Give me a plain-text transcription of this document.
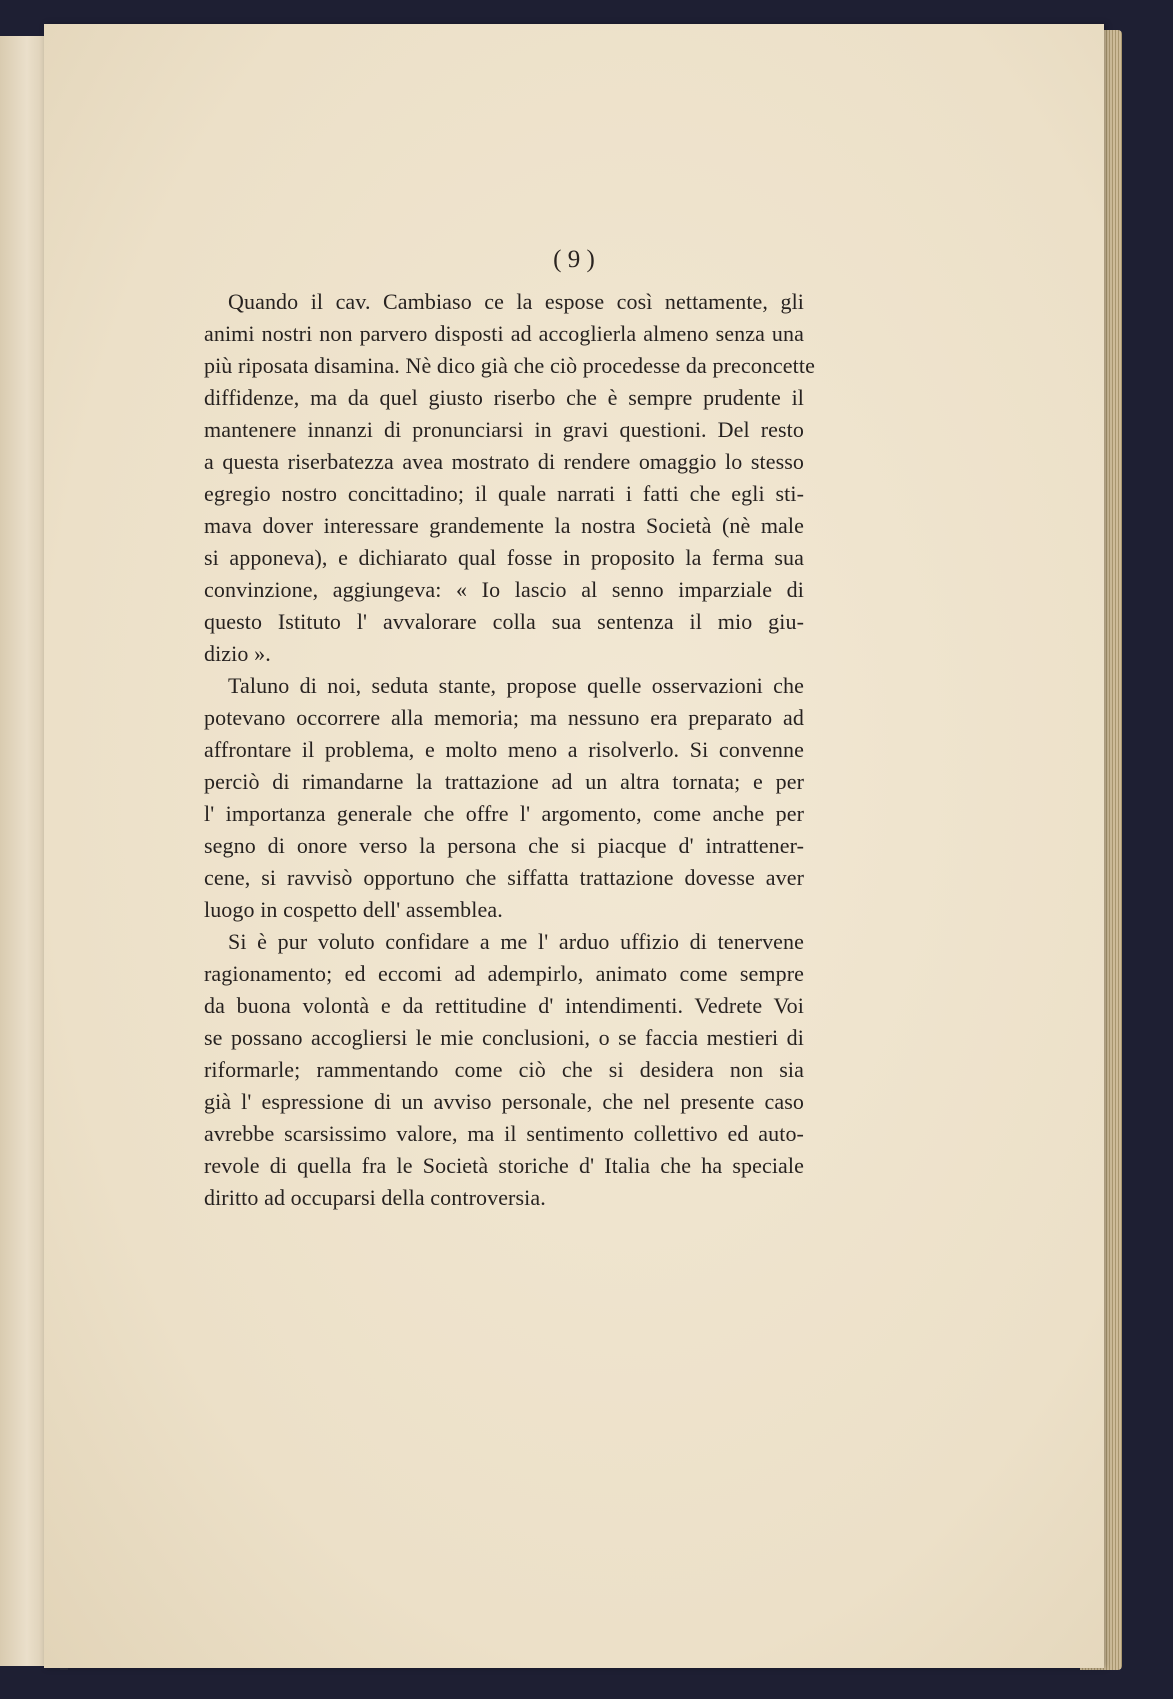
( 9 )
Quando il cav. Cambiaso ce la espose così nettamente, gli
animi nostri non parvero disposti ad accoglierla almeno senza una
più riposata disamina. Nè dico già che ciò procedesse da preconcette
diffidenze, ma da quel giusto riserbo che è sempre prudente il
mantenere innanzi di pronunciarsi in gravi questioni. Del resto
a questa riserbatezza avea mostrato di rendere omaggio lo stesso
egregio nostro concittadino; il quale narrati i fatti che egli sti-
mava dover interessare grandemente la nostra Società (nè male
si apponeva), e dichiarato qual fosse in proposito la ferma sua
convinzione, aggiungeva: « Io lascio al senno imparziale di
questo Istituto l' avvalorare colla sua sentenza il mio giu-
dizio ».
Taluno di noi, seduta stante, propose quelle osservazioni che
potevano occorrere alla memoria; ma nessuno era preparato ad
affrontare il problema, e molto meno a risolverlo. Si convenne
perciò di rimandarne la trattazione ad un altra tornata; e per
l' importanza generale che offre l' argomento, come anche per
segno di onore verso la persona che si piacque d' intrattener-
cene, si ravvisò opportuno che siffatta trattazione dovesse aver
luogo in cospetto dell' assemblea.
Si è pur voluto confidare a me l' arduo uffizio di tenervene
ragionamento; ed eccomi ad adempirlo, animato come sempre
da buona volontà e da rettitudine d' intendimenti. Vedrete Voi
se possano accogliersi le mie conclusioni, o se faccia mestieri di
riformarle; rammentando come ciò che si desidera non sia
già l' espressione di un avviso personale, che nel presente caso
avrebbe scarsissimo valore, ma il sentimento collettivo ed auto-
revole di quella fra le Società storiche d' Italia che ha speciale
diritto ad occuparsi della controversia.
